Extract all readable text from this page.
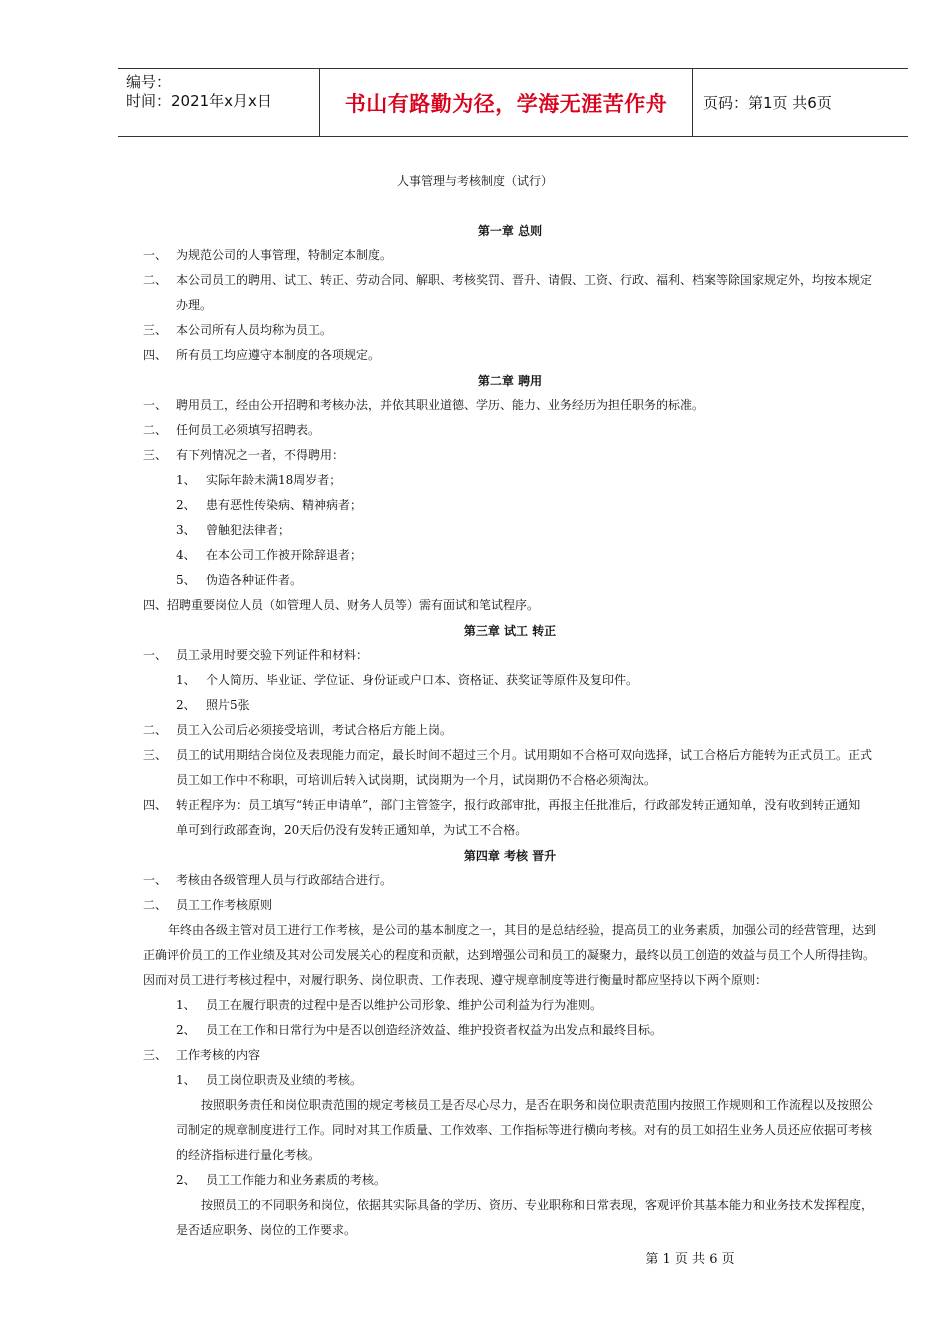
编号：
时间：2021年x月x日	书山有路勤为径，学海无涯苦作舟	页码：第1页 共6页
人事管理与考核制度（试行）
第一章 总则
一、 为规范公司的人事管理，特制定本制度。
二、 本公司员工的聘用、试工、转正、劳动合同、解职、考核奖罚、晋升、请假、工资、行政、福利、档案等除国家规定外，均按本规定
办理。
三、 本公司所有人员均称为员工。
四、 所有员工均应遵守本制度的各项规定。
第二章 聘用
一、 聘用员工，经由公开招聘和考核办法，并依其职业道德、学历、能力、业务经历为担任职务的标准。
二、 任何员工必须填写招聘表。
三、 有下列情况之一者，不得聘用：
1、 实际年龄未满18周岁者；
2、 患有恶性传染病、精神病者；
3、 曾触犯法律者；
4、 在本公司工作被开除辞退者；
5、 伪造各种证件者。
四、招聘重要岗位人员（如管理人员、财务人员等）需有面试和笔试程序。
第三章 试工 转正
一、 员工录用时要交验下列证件和材料：
1、 个人简历、毕业证、学位证、身份证或户口本、资格证、获奖证等原件及复印件。
2、 照片5张
二、 员工入公司后必须接受培训，考试合格后方能上岗。
三、 员工的试用期结合岗位及表现能力而定，最长时间不超过三个月。试用期如不合格可双向选择，试工合格后方能转为正式员工。正式
员工如工作中不称职，可培训后转入试岗期，试岗期为一个月，试岗期仍不合格必须淘汰。
四、 转正程序为：员工填写“转正申请单”，部门主管签字，报行政部审批，再报主任批准后，行政部发转正通知单，没有收到转正通知
单可到行政部查询，20天后仍没有发转正通知单，为试工不合格。
第四章 考核 晋升
一、 考核由各级管理人员与行政部结合进行。
二、 员工工作考核原则
年终由各级主管对员工进行工作考核，是公司的基本制度之一，其目的是总结经验，提高员工的业务素质，加强公司的经营管理，达到
正确评价员工的工作业绩及其对公司发展关心的程度和贡献，达到增强公司和员工的凝聚力，最终以员工创造的效益与员工个人所得挂钩。
因而对员工进行考核过程中，对履行职务、岗位职责、工作表现、遵守规章制度等进行衡量时都应坚持以下两个原则：
1、 员工在履行职责的过程中是否以维护公司形象、维护公司利益为行为准则。
2、 员工在工作和日常行为中是否以创造经济效益、维护投资者权益为出发点和最终目标。
三、 工作考核的内容
1、 员工岗位职责及业绩的考核。
按照职务责任和岗位职责范围的规定考核员工是否尽心尽力，是否在职务和岗位职责范围内按照工作规则和工作流程以及按照公
司制定的规章制度进行工作。同时对其工作质量、工作效率、工作指标等进行横向考核。对有的员工如招生业务人员还应依据可考核
的经济指标进行量化考核。
2、 员工工作能力和业务素质的考核。
按照员工的不同职务和岗位，依据其实际具备的学历、资历、专业职称和日常表现，客观评价其基本能力和业务技术发挥程度，
是否适应职务、岗位的工作要求。
第 1 页 共 6 页
